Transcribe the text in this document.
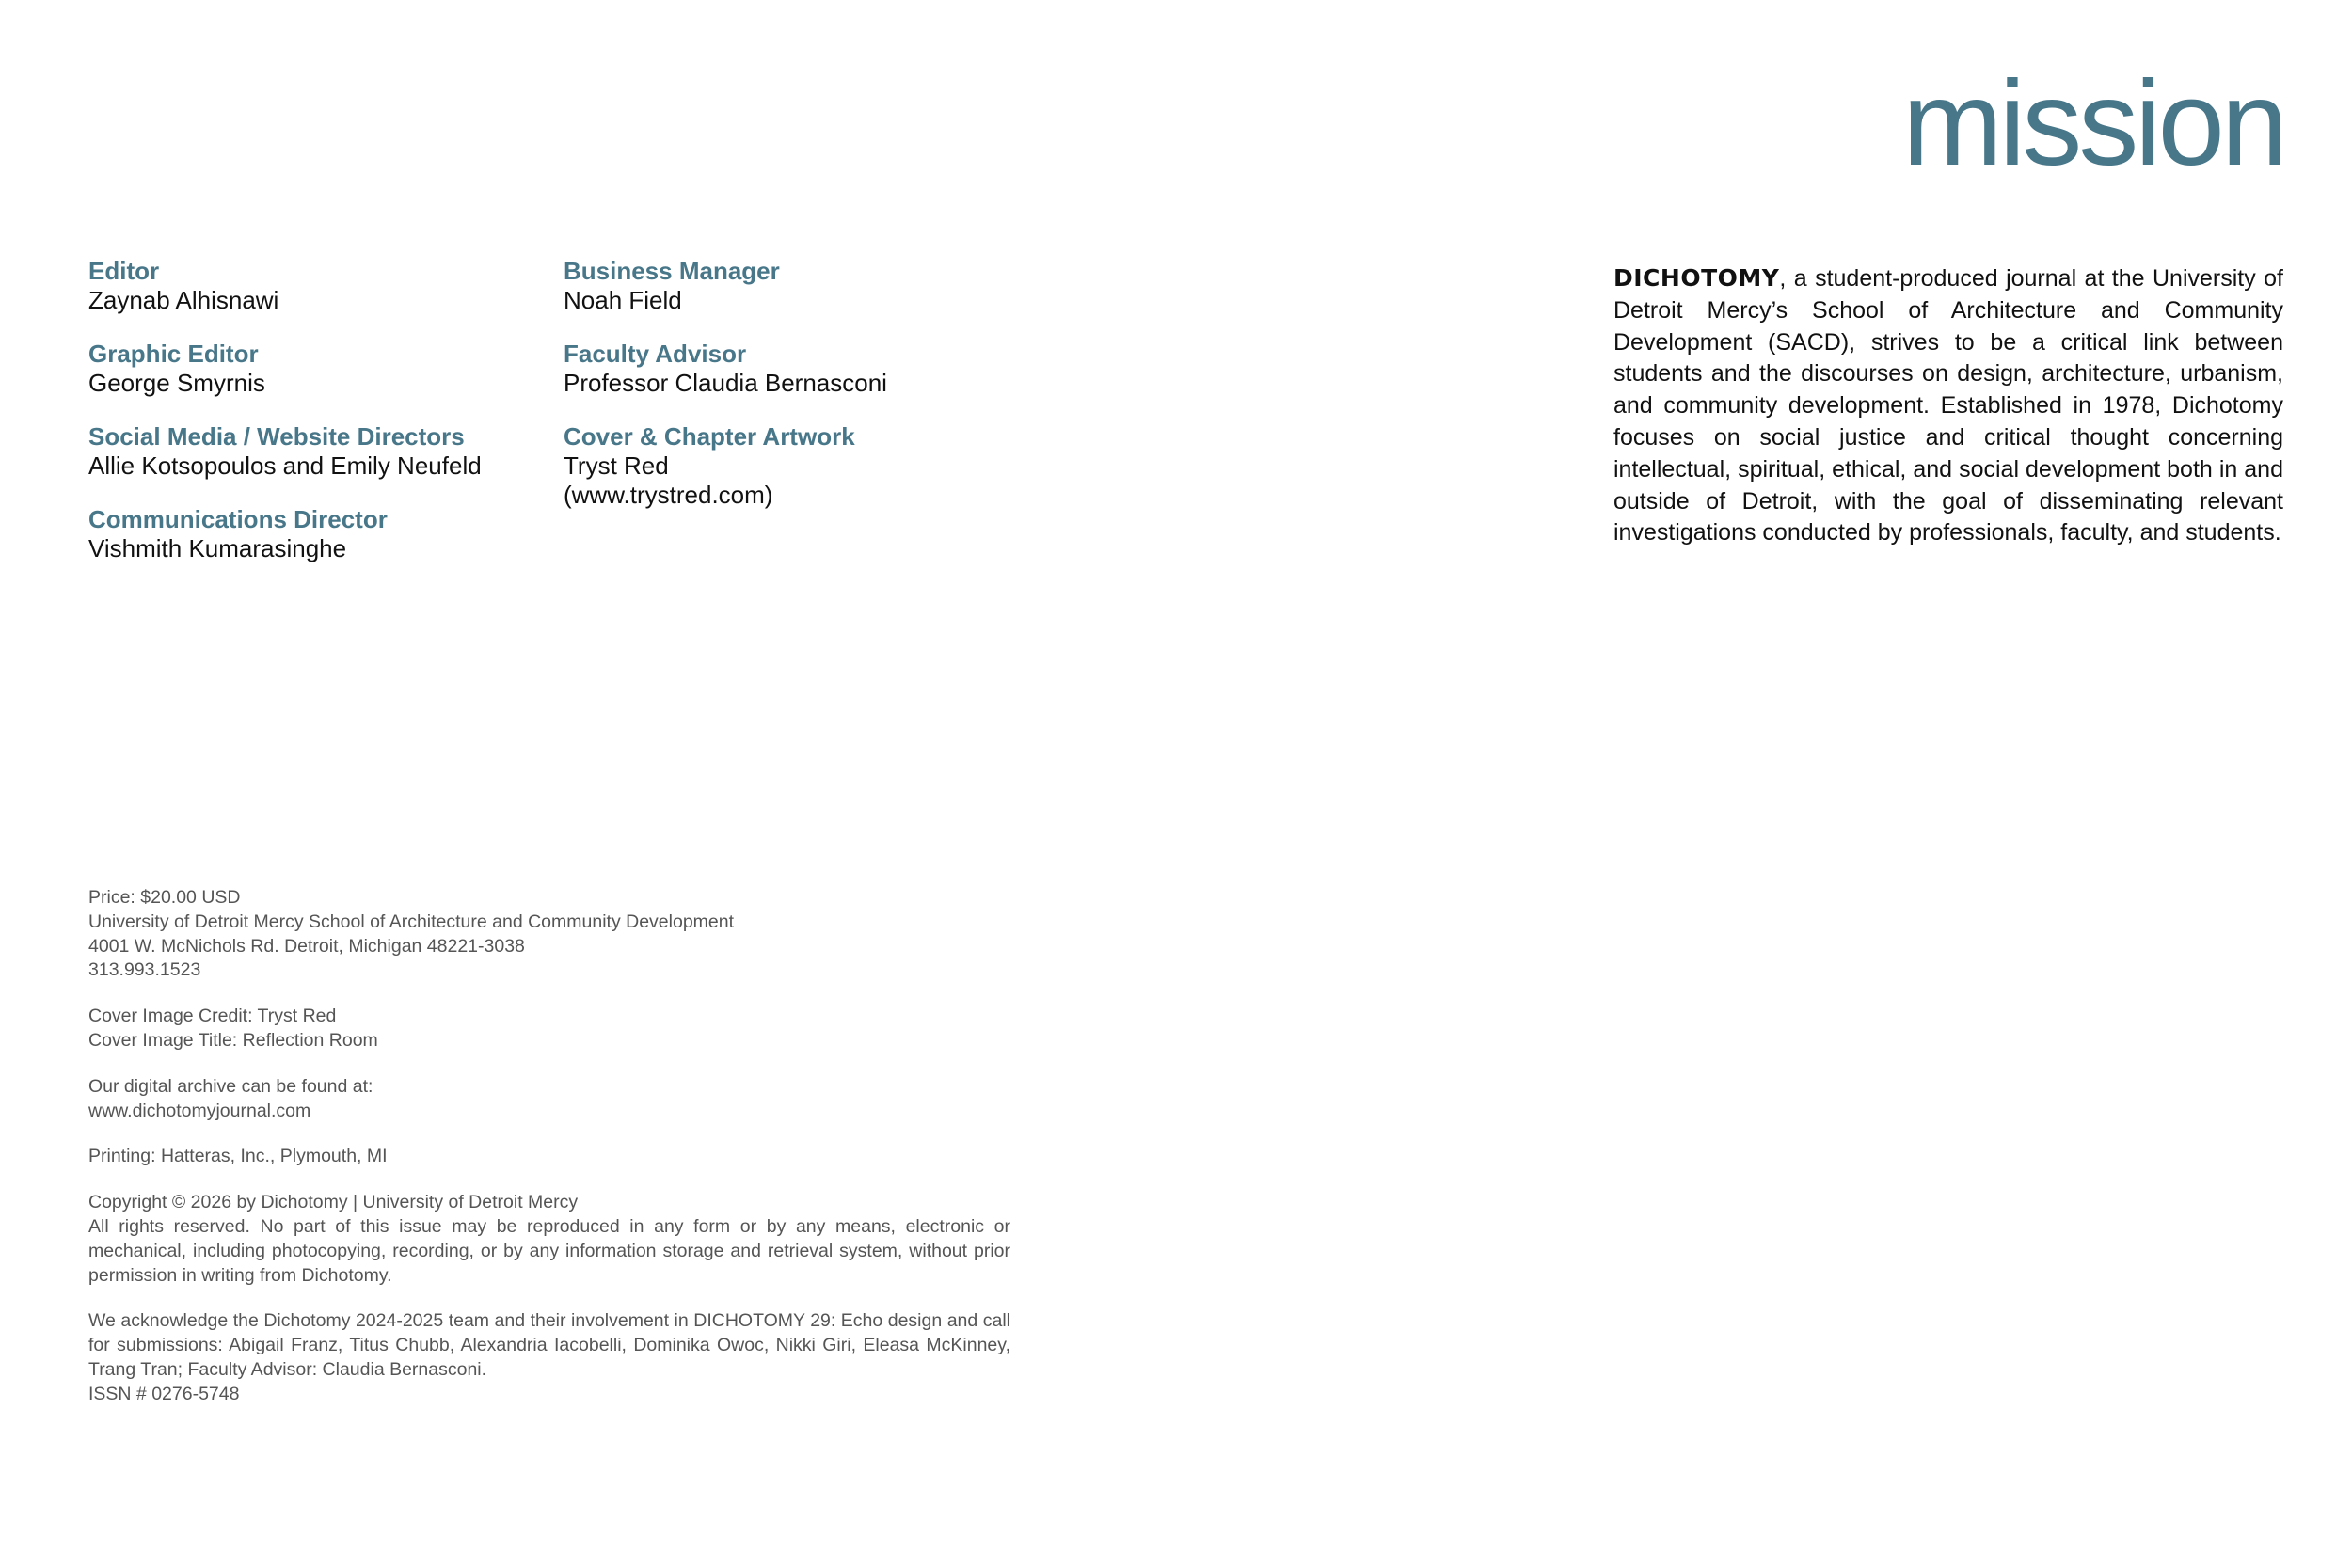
mission
Editor
Zaynab Alhisnawi
Graphic Editor
George Smyrnis
Social Media / Website Directors
Allie Kotsopoulos and Emily Neufeld
Communications Director
Vishmith Kumarasinghe
Business Manager
Noah Field
Faculty Advisor
Professor Claudia Bernasconi
Cover & Chapter Artwork
Tryst Red
(www.trystred.com)

DICHOTOMY, a student-produced journal at the University of Detroit Mercy’s School of Architecture and Community Development (SACD), strives to be a critical link between students and the discourses on design, architecture, urbanism, and community development. Established in 1978, Dichotomy focuses on social justice and critical thought concerning intellectual, spiritual, ethical, and social development both in and outside of Detroit, with the goal of disseminating relevant investigations conducted by professionals, faculty, and students.

Price: $20.00 USD
University of Detroit Mercy School of Architecture and Community Development
4001 W. McNichols Rd. Detroit, Michigan 48221-3038
313.993.1523

Cover Image Credit: Tryst Red
Cover Image Title: Reflection Room

Our digital archive can be found at:
www.dichotomyjournal.com

Printing: Hatteras, Inc., Plymouth, MI

Copyright © 2026 by Dichotomy | University of Detroit Mercy
All rights reserved. No part of this issue may be reproduced in any form or by any means, electronic or mechanical, including photocopying, recording, or by any information storage and retrieval system, without prior permission in writing from Dichotomy.

We acknowledge the Dichotomy 2024-2025 team and their involvement in DICHOTOMY 29: Echo design and call for submissions: Abigail Franz, Titus Chubb, Alexandria Iacobelli, Dominika Owoc, Nikki Giri, Eleasa McKinney, Trang Tran; Faculty Advisor: Claudia Bernasconi.
ISSN # 0276-5748
